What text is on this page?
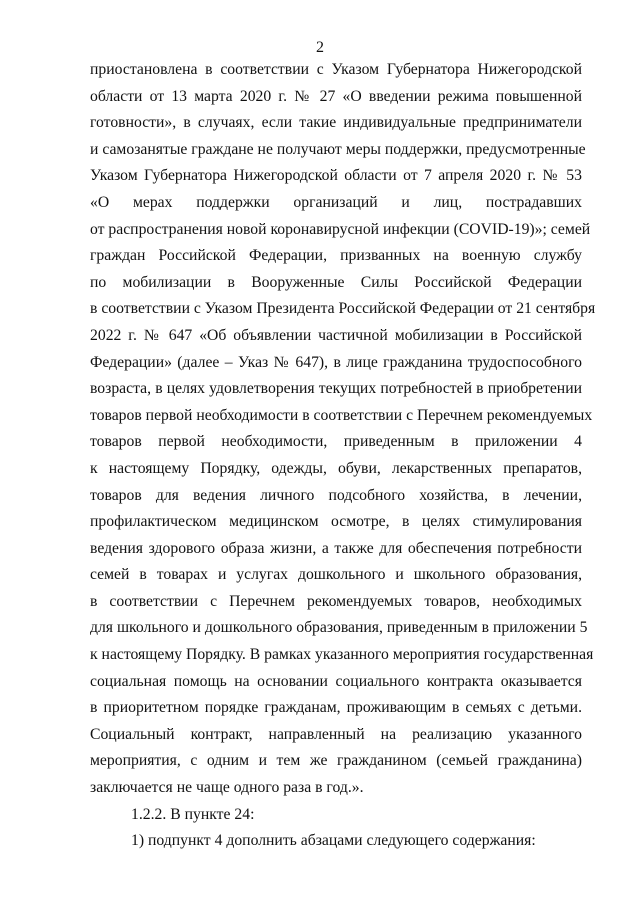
2
приостановлена в соответствии с Указом Губернатора Нижегородской
области от 13 марта 2020 г. № 27 «О введении режима повышенной
готовности», в случаях, если такие индивидуальные предприниматели
и самозанятые граждане не получают меры поддержки, предусмотренные
Указом Губернатора Нижегородской области от 7 апреля 2020 г. № 53
«О мерах поддержки организаций и лиц, пострадавших
от распространения новой коронавирусной инфекции (COVID-19)»; семей
граждан Российской Федерации, призванных на военную службу
по мобилизации в Вооруженные Силы Российской Федерации
в соответствии с Указом Президента Российской Федерации от 21 сентября
2022 г. № 647 «Об объявлении частичной мобилизации в Российской
Федерации» (далее – Указ № 647), в лице гражданина трудоспособного
возраста, в целях удовлетворения текущих потребностей в приобретении
товаров первой необходимости в соответствии с Перечнем рекомендуемых
товаров первой необходимости, приведенным в приложении 4
к настоящему Порядку, одежды, обуви, лекарственных препаратов,
товаров для ведения личного подсобного хозяйства, в лечении,
профилактическом медицинском осмотре, в целях стимулирования
ведения здорового образа жизни, а также для обеспечения потребности
семей в товарах и услугах дошкольного и школьного образования,
в соответствии с Перечнем рекомендуемых товаров, необходимых
для школьного и дошкольного образования, приведенным в приложении 5
к настоящему Порядку. В рамках указанного мероприятия государственная
социальная помощь на основании социального контракта оказывается
в приоритетном порядке гражданам, проживающим в семьях с детьми.
Социальный контракт, направленный на реализацию указанного
мероприятия, с одним и тем же гражданином (семьей гражданина)
заключается не чаще одного раза в год.».
1.2.2. В пункте 24:
1) подпункт 4 дополнить абзацами следующего содержания:
